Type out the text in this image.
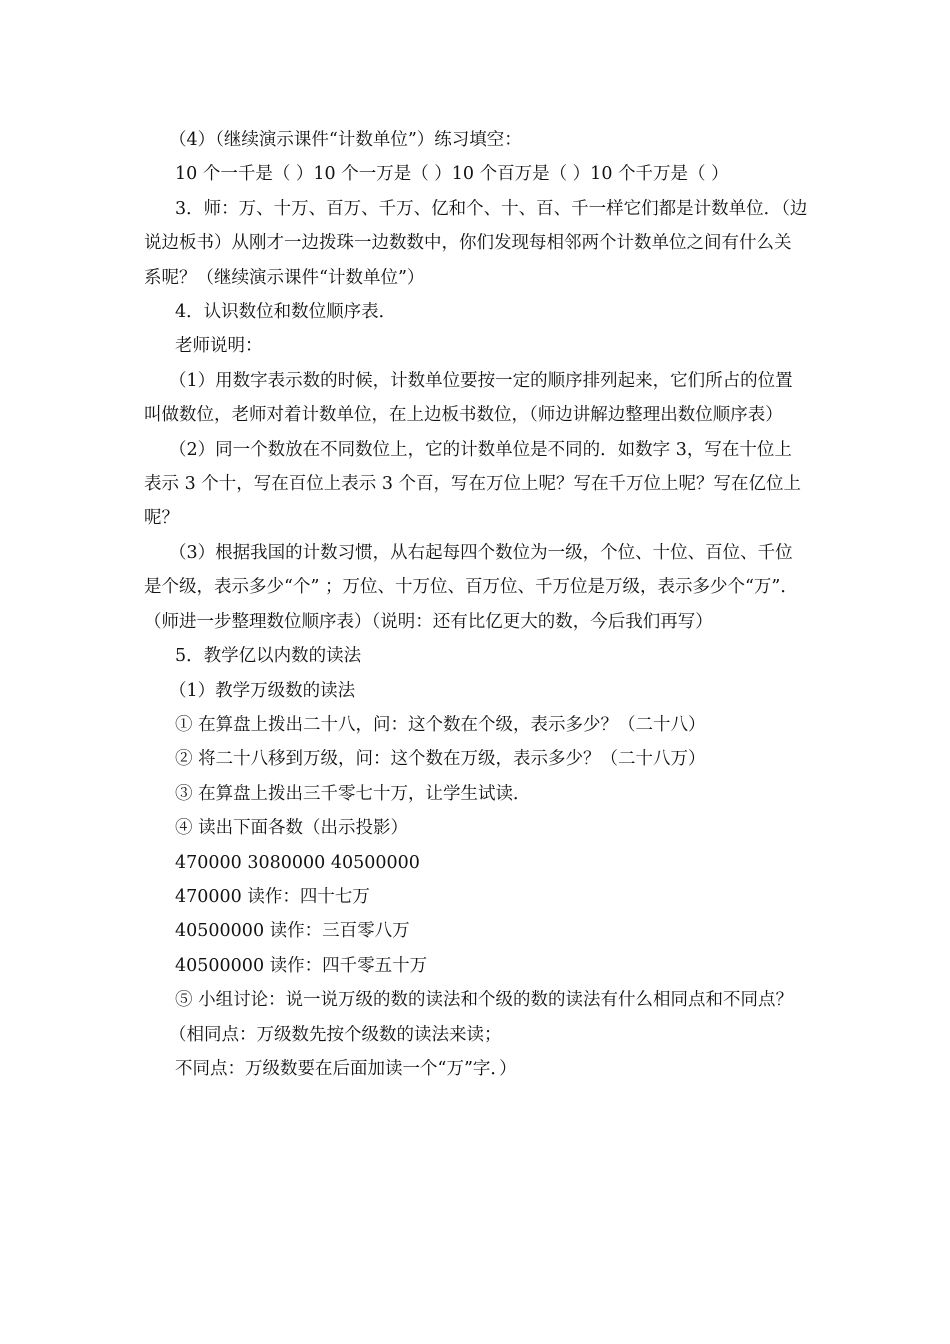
（4）（继续演示课件“计数单位”）练习填空：

10 个一千是（ ）10 个一万是（ ）10 个百万是（ ）10 个千万是（ ）

3．师：万、十万、百万、千万、亿和个、十、百、千一样它们都是计数单位．（边说边板书）从刚才一边拨珠一边数数中，你们发现每相邻两个计数单位之间有什么关系呢？（继续演示课件“计数单位”）

4．认识数位和数位顺序表．

老师说明：

（1）用数字表示数的时候，计数单位要按一定的顺序排列起来，它们所占的位置叫做数位，老师对着计数单位，在上边板书数位，（师边讲解边整理出数位顺序表）

（2）同一个数放在不同数位上，它的计数单位是不同的．如数字 3，写在十位上表示 3 个十，写在百位上表示 3 个百，写在万位上呢？写在千万位上呢？写在亿位上呢？

（3）根据我国的计数习惯，从右起每四个数位为一级，个位、十位、百位、千位是个级，表示多少“个” ；万位、十万位、百万位、千万位是万级，表示多少个“万”．（师进一步整理数位顺序表）（说明：还有比亿更大的数，今后我们再写）

5．教学亿以内数的读法

（1）教学万级数的读法

① 在算盘上拨出二十八，问：这个数在个级，表示多少？（二十八）

② 将二十八移到万级，问：这个数在万级，表示多少？（二十八万）

③ 在算盘上拨出三千零七十万，让学生试读．

④ 读出下面各数（出示投影）

470000 3080000 40500000

470000 读作：四十七万

40500000 读作：三百零八万

40500000 读作：四千零五十万

⑤ 小组讨论：说一说万级的数的读法和个级的数的读法有什么相同点和不同点？

（相同点：万级数先按个级数的读法来读；

不同点：万级数要在后面加读一个“万”字．）
